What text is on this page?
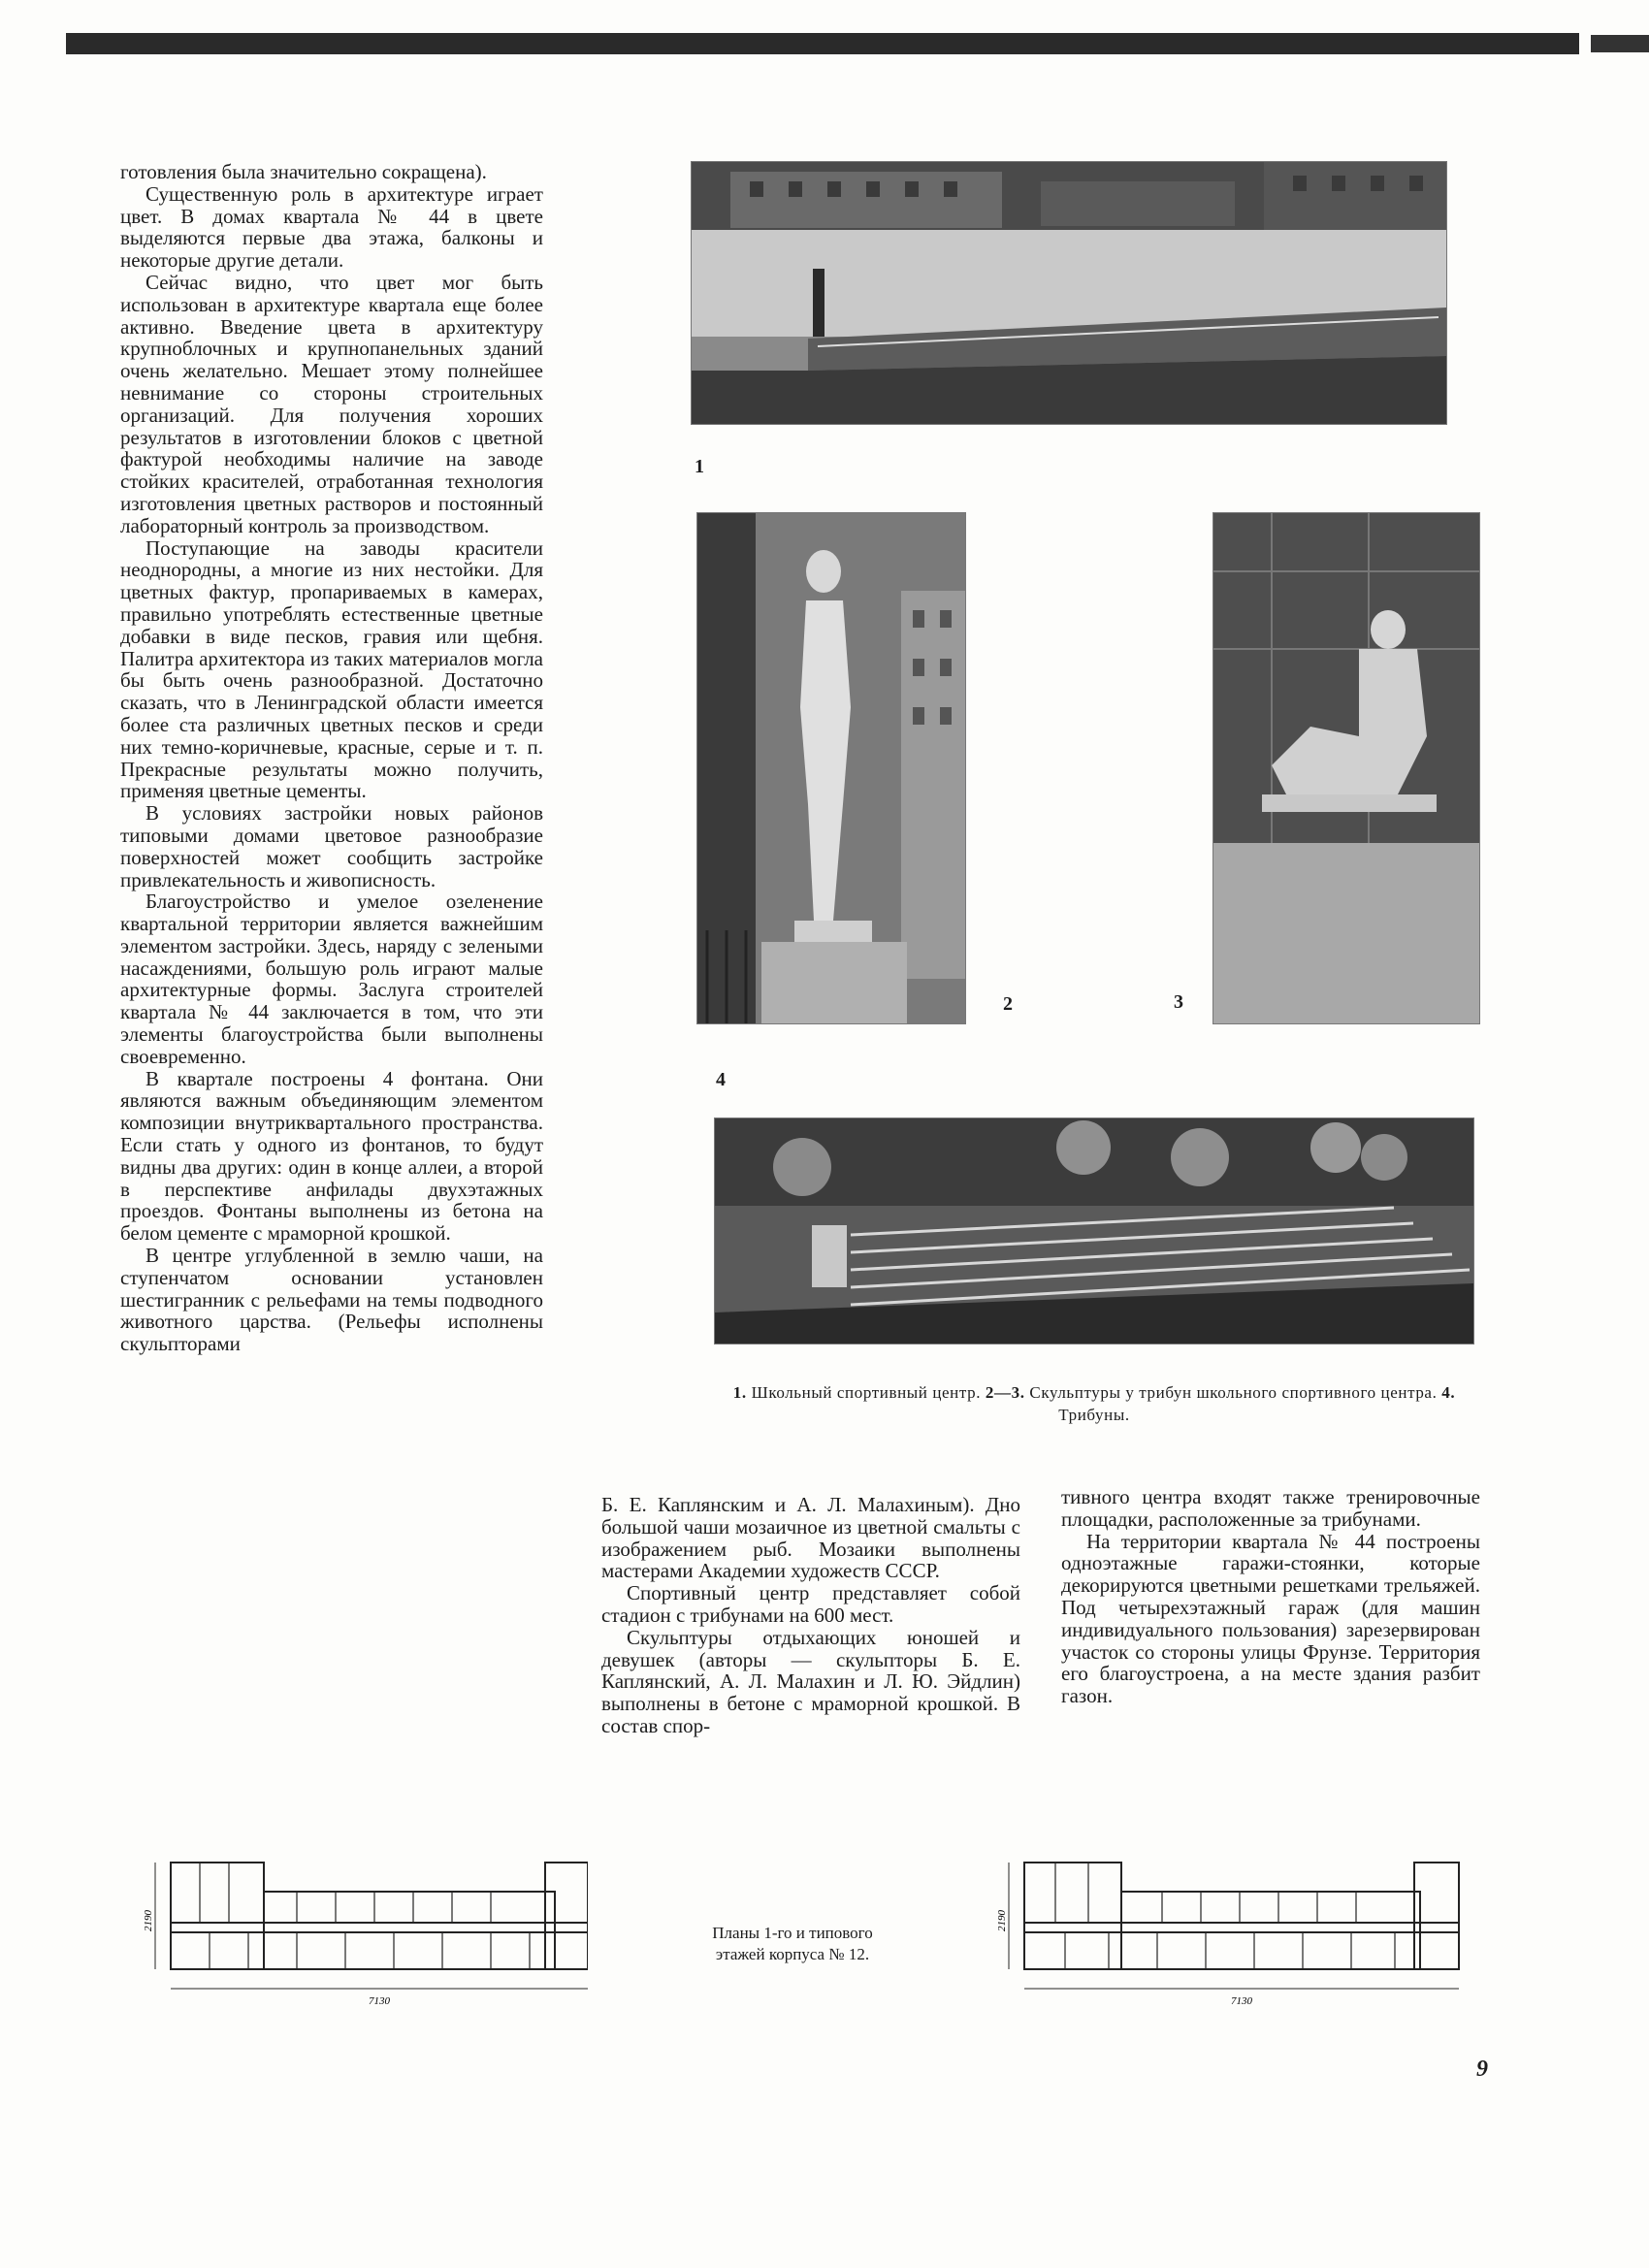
готовления была значительно сокращена).

Существенную роль в архитектуре играет цвет. В домах квартала № 44 в цвете выделяются первые два этажа, балконы и некоторые другие детали.

Сейчас видно, что цвет мог быть использован в архитектуре квартала еще более активно. Введение цвета в архитектуру крупноблочных и крупнопанельных зданий очень желательно. Мешает этому полнейшее невнимание со стороны строительных организаций. Для получения хороших результатов в изготовлении блоков с цветной фактурой необходимы наличие на заводе стойких красителей, отработанная технология изготовления цветных растворов и постоянный лабораторный контроль за производством.

Поступающие на заводы красители неоднородны, а многие из них нестойки. Для цветных фактур, пропариваемых в камерах, правильно употреблять естественные цветные добавки в виде песков, гравия или щебня. Палитра архитектора из таких материалов могла бы быть очень разнообразной. Достаточно сказать, что в Ленинградской области имеется более ста различных цветных песков и среди них темно-коричневые, красные, серые и т. п. Прекрасные результаты можно получить, применяя цветные цементы.

В условиях застройки новых районов типовыми домами цветовое разнообразие поверхностей может сообщить застройке привлекательность и живописность.

Благоустройство и умелое озеленение квартальной территории является важнейшим элементом застройки. Здесь, наряду с зелеными насаждениями, большую роль играют малые архитектурные формы. Заслуга строителей квартала № 44 заключается в том, что эти элементы благоустройства были выполнены своевременно.

В квартале построены 4 фонтана. Они являются важным объединяющим элементом композиции внутриквартального пространства. Если стать у одного из фонтанов, то будут видны два других: один в конце аллеи, а второй в перспективе анфилады двухэтажных проездов. Фонтаны выполнены из бетона на белом цементе с мраморной крошкой.

В центре углубленной в землю чаши, на ступенчатом основании установлен шестигранник с рельефами на темы подводного животного царства. (Рельефы исполнены скульпторами

1
2	3
4
1. Школьный спортивный центр. 2—3. Скульптуры у трибун школьного спортивного центра. 4. Трибуны.

Б. Е. Каплянским и А. Л. Малахиным). Дно большой чаши мозаичное из цветной смальты с изображением рыб. Мозаики выполнены мастерами Академии художеств СССР.

Спортивный центр представляет собой стадион с трибунами на 600 мест.

Скульптуры отдыхающих юношей и девушек (авторы — скульпторы Б. Е. Каплянский, А. Л. Малахин и Л. Ю. Эйдлин) выполнены в бетоне с мраморной крошкой. В состав спор-

тивного центра входят также тренировочные площадки, расположенные за трибунами.

На территории квартала № 44 построены одноэтажные гаражи-стоянки, которые декорируются цветными решетками трельяжей. Под четырехэтажный гараж (для машин индивидуального пользования) зарезервирован участок со стороны улицы Фрунзе. Территория его благоустроена, а на месте здания разбит газон.

7130
2190
Планы 1-го и типового этажей корпуса № 12.
7130
2190
9
